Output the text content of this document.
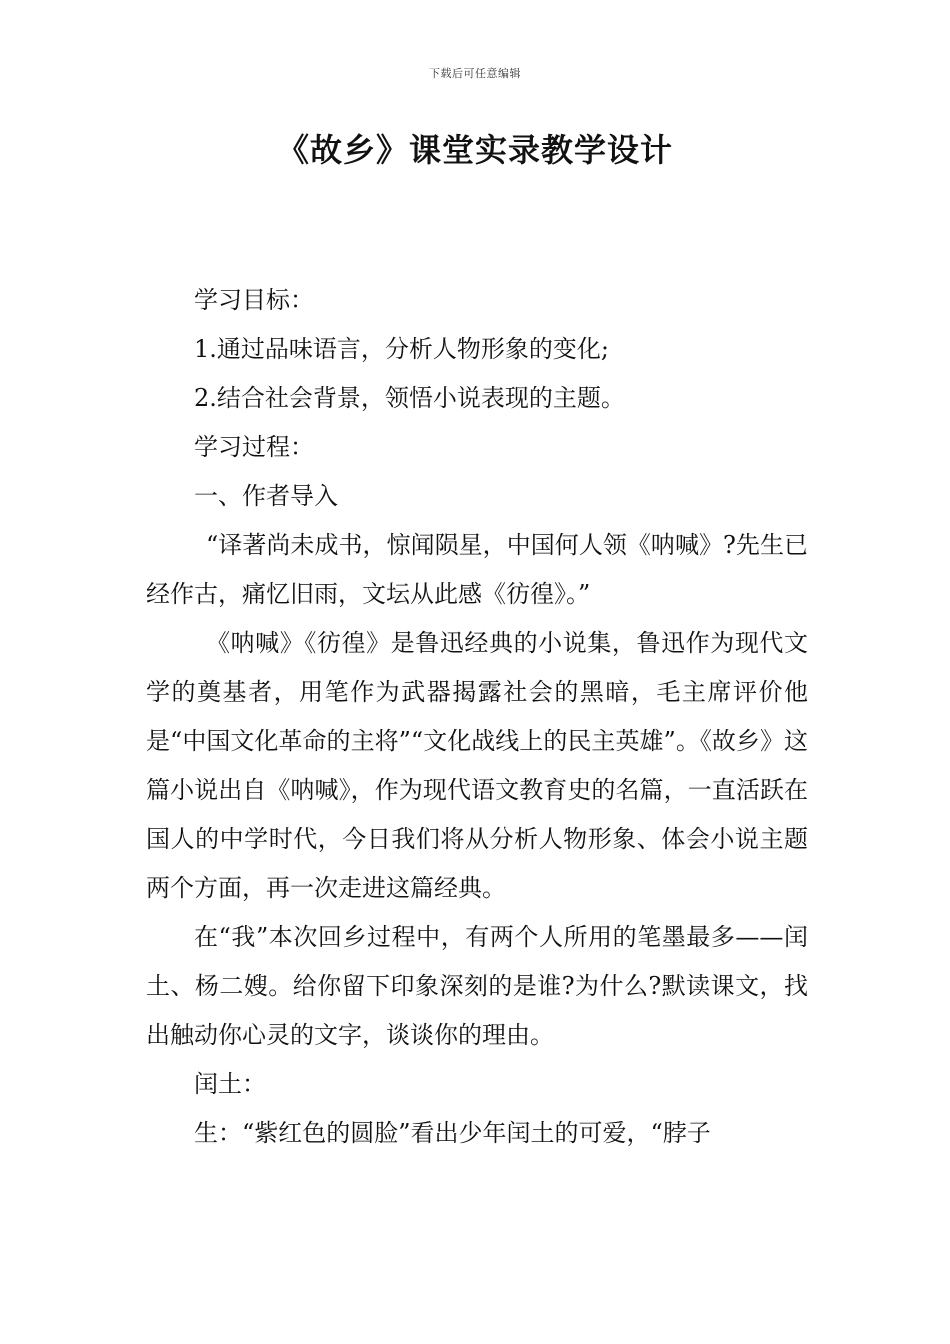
下载后可任意编辑
《故乡》课堂实录教学设计

学习目标：

1.通过品味语言，分析人物形象的变化;

2.结合社会背景，领悟小说表现的主题。

学习过程：

一、作者导入

“译著尚未成书，惊闻陨星，中国何人领《呐喊》?先生已经作古，痛忆旧雨，文坛从此感《彷徨》。”

《呐喊》《彷徨》是鲁迅经典的小说集，鲁迅作为现代文学的奠基者，用笔作为武器揭露社会的黑暗，毛主席评价他是“中国文化革命的主将”“文化战线上的民主英雄”。《故乡》这篇小说出自《呐喊》，作为现代语文教育史的名篇，一直活跃在国人的中学时代，今日我们将从分析人物形象、体会小说主题两个方面，再一次走进这篇经典。

在“我”本次回乡过程中，有两个人所用的笔墨最多——闰土、杨二嫂。给你留下印象深刻的是谁?为什么?默读课文，找出触动你心灵的文字，谈谈你的理由。

闰土：

生：“紫红色的圆脸”看出少年闰土的可爱，“脖子
